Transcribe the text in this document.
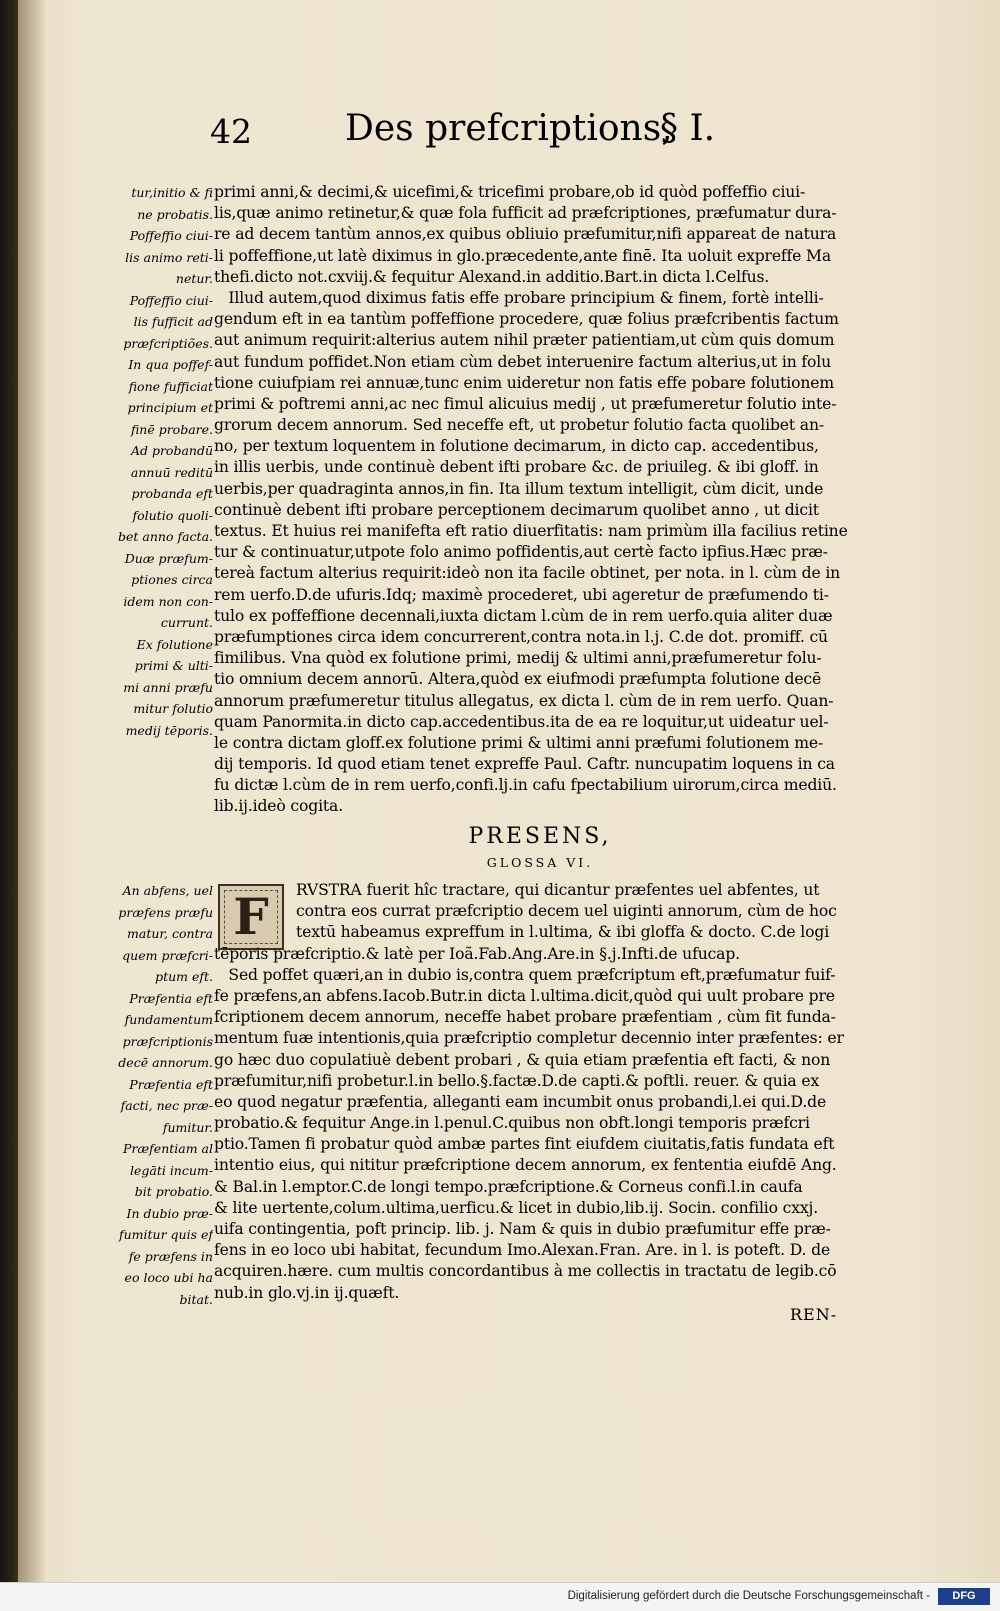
42	Des prefcriptions,
§ I.
tur,initio & fi
ne probatis.
Poffeffio ciui-
lis animo reti-
netur.
Poffeffio ciui-
lis fufficit ad
præfcriptiões.
In qua poffef-
fione fufficiat
principium et
finē probare.
Ad probandū
annuū reditū
probanda eft
folutio quoli-
bet anno facta.
Duæ præfum-
ptiones circa
idem non con-
currunt.
Ex folutione
primi & ulti-
mi anni præfu
mitur folutio
medij tēporis.
primi anni,& decimi,& uicefimi,& tricefimi probare,ob id quòd poffeffio ciui-
lis,quæ animo retinetur,& quæ fola fufficit ad præfcriptiones, præfumatur dura-
re ad decem tantùm annos,ex quibus obliuio præfumitur,nifi appareat de natura
li poffeffione,ut latè diximus in glo.præcedente,ante finē. Ita uoluit expreffe Ma
thefi.dicto not.cxviij.& fequitur Alexand.in additio.Bart.in dicta l.Celfus.
Illud autem,quod diximus fatis effe probare principium & finem, fortè intelli-
gendum eft in ea tantùm poffeffione procedere, quæ folius præfcribentis factum
aut animum requirit:alterius autem nihil præter patientiam,ut cùm quis domum
aut fundum poffidet.Non etiam cùm debet interuenire factum alterius,ut in folu
tione cuiufpiam rei annuæ,tunc enim uideretur non fatis effe pobare folutionem
primi & poftremi anni,ac nec fimul alicuius medij , ut præfumeretur folutio inte-
grorum decem annorum. Sed neceffe eft, ut probetur folutio facta quolibet an-
no, per textum loquentem in folutione decimarum, in dicto cap. accedentibus,
in illis uerbis, unde continuè debent ifti probare &c. de priuileg. & ibi gloff. in
uerbis,per quadraginta annos,in fin. Ita illum textum intelligit, cùm dicit, unde
continuè debent ifti probare perceptionem decimarum quolibet anno , ut dicit
textus. Et huius rei manifefta eft ratio diuerfitatis: nam primùm illa facilius retine
tur & continuatur,utpote folo animo poffidentis,aut certè facto ipfius.Hæc præ-
tereà factum alterius requirit:ideò non ita facile obtinet, per nota. in l. cùm de in
rem uerfo.D.de ufuris.Idq; maximè procederet, ubi ageretur de præfumendo ti-
tulo ex poffeffione decennali,iuxta dictam l.cùm de in rem uerfo.quia aliter duæ
præfumptiones circa idem concurrerent,contra nota.in l.j. C.de dot. promiff. cū
fimilibus. Vna quòd ex folutione primi, medij & ultimi anni,præfumeretur folu-
tio omnium decem annorū. Altera,quòd ex eiufmodi præfumpta folutione decē
annorum præfumeretur titulus allegatus, ex dicta l. cùm de in rem uerfo. Quan-
quam Panormita.in dicto cap.accedentibus.ita de ea re loquitur,ut uideatur uel-
le contra dictam gloff.ex folutione primi & ultimi anni præfumi folutionem me-
dij temporis. Id quod etiam tenet expreffe Paul. Caftr. nuncupatim loquens in ca
fu dictæ l.cùm de in rem uerfo,confi.lj.in cafu fpectabilium uirorum,circa mediū.
lib.ij.ideò cogita.
PRESENS,
GLOSSA VI.
F
An abfens, uel
præfens præfu
matur, contra
quem præfcri-
ptum eft.
Præfentia eft
fundamentum
præfcriptionis
decē annorum.
Præfentia eft
facti, nec præ-
fumitur.
Præfentiam al
legāti incum-
bit probatio.
In dubio præ-
fumitur quis ef
fe præfens in
eo loco ubi ha
bitat.
RVSTRA fuerit hîc tractare, qui dicantur præfentes uel abfentes, ut
contra eos currat præfcriptio decem uel uiginti annorum, cùm de hoc
textū habeamus expreffum in l.ultima, & ibi gloffa & docto. C.de logi
tēporis præfcriptio.& latè per Ioã.Fab.Ang.Are.in §.j.Infti.de ufucap.
Sed poffet quæri,an in dubio is,contra quem præfcriptum eft,præfumatur fuif-
fe præfens,an abfens.Iacob.Butr.in dicta l.ultima.dicit,quòd qui uult probare pre
fcriptionem decem annorum, neceffe habet probare præfentiam , cùm fit funda-
mentum fuæ intentionis,quia præfcriptio completur decennio inter præfentes: er
go hæc duo copulatiuè debent probari , & quia etiam præfentia eft facti, & non
præfumitur,nifi probetur.l.in bello.§.factæ.D.de capti.& poftli. reuer. & quia ex
eo quod negatur præfentia, alleganti eam incumbit onus probandi,l.ei qui.D.de
probatio.& fequitur Ange.in l.penul.C.quibus non obft.longi temporis præfcri
ptio.Tamen fi probatur quòd ambæ partes fint eiufdem ciuitatis,fatis fundata eft
intentio eius, qui nititur præfcriptione decem annorum, ex fententia eiufdē Ang.
& Bal.in l.emptor.C.de longi tempo.præfcriptione.& Corneus confi.l.in caufa
& lite uertente,colum.ultima,uerficu.& licet in dubio,lib.ij. Socin. confilio cxxj.
uifa contingentia, poft princip. lib. j. Nam & quis in dubio præfumitur effe præ-
fens in eo loco ubi habitat, fecundum Imo.Alexan.Fran. Are. in l. is poteft. D. de
acquiren.hære. cum multis concordantibus à me collectis in tractatu de legib.cō
nub.in glo.vj.in ij.quæft.
REN-
Digitalisierung gefördert durch die Deutsche Forschungsgemeinschaft -	DFG
